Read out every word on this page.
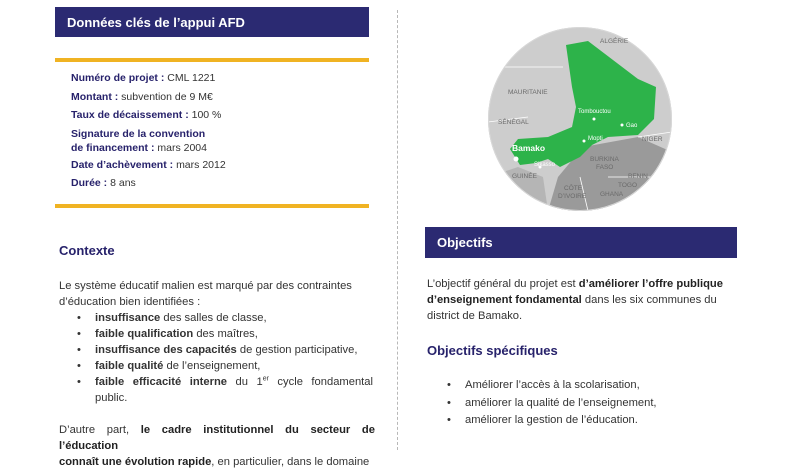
Données clés de l’appui AFD
Numéro de projet : CML 1221
Montant : subvention de 9 M€
Taux de décaissement : 100 %
Signature de la convention
de financement : mars 2004
Date d’achèvement : mars 2012
Durée : 8 ans
Contexte
Le système éducatif malien est marqué par des contraintes
d’éducation bien identifiées :
• insuffisance des salles de classe,
• faible qualification des maîtres,
• insuffisance des capacités de gestion participative,
• faible qualité de l’enseignement,
• faible efficacité interne du 1er cycle fondamental
public.
D’autre part, le cadre institutionnel du secteur de l’éducation
connaît une évolution rapide, en particulier, dans le domaine
ALGÉRIE
MAURITANIE
SÉNÉGAL
NIGER
BURKINA
FASO
BENIN
TOGO
GHANA
GUINÉE
CÔTE
D’IVOIRE
Tombouctou
Gao
Mopti
Bamako
Sikasso
Objectifs
L’objectif général du projet est d’améliorer l’offre publique
d’enseignement fondamental dans les six communes du
district de Bamako.
Objectifs spécifiques
• Améliorer l’accès à la scolarisation,
• améliorer la qualité de l’enseignement,
• améliorer la gestion de l’éducation.
